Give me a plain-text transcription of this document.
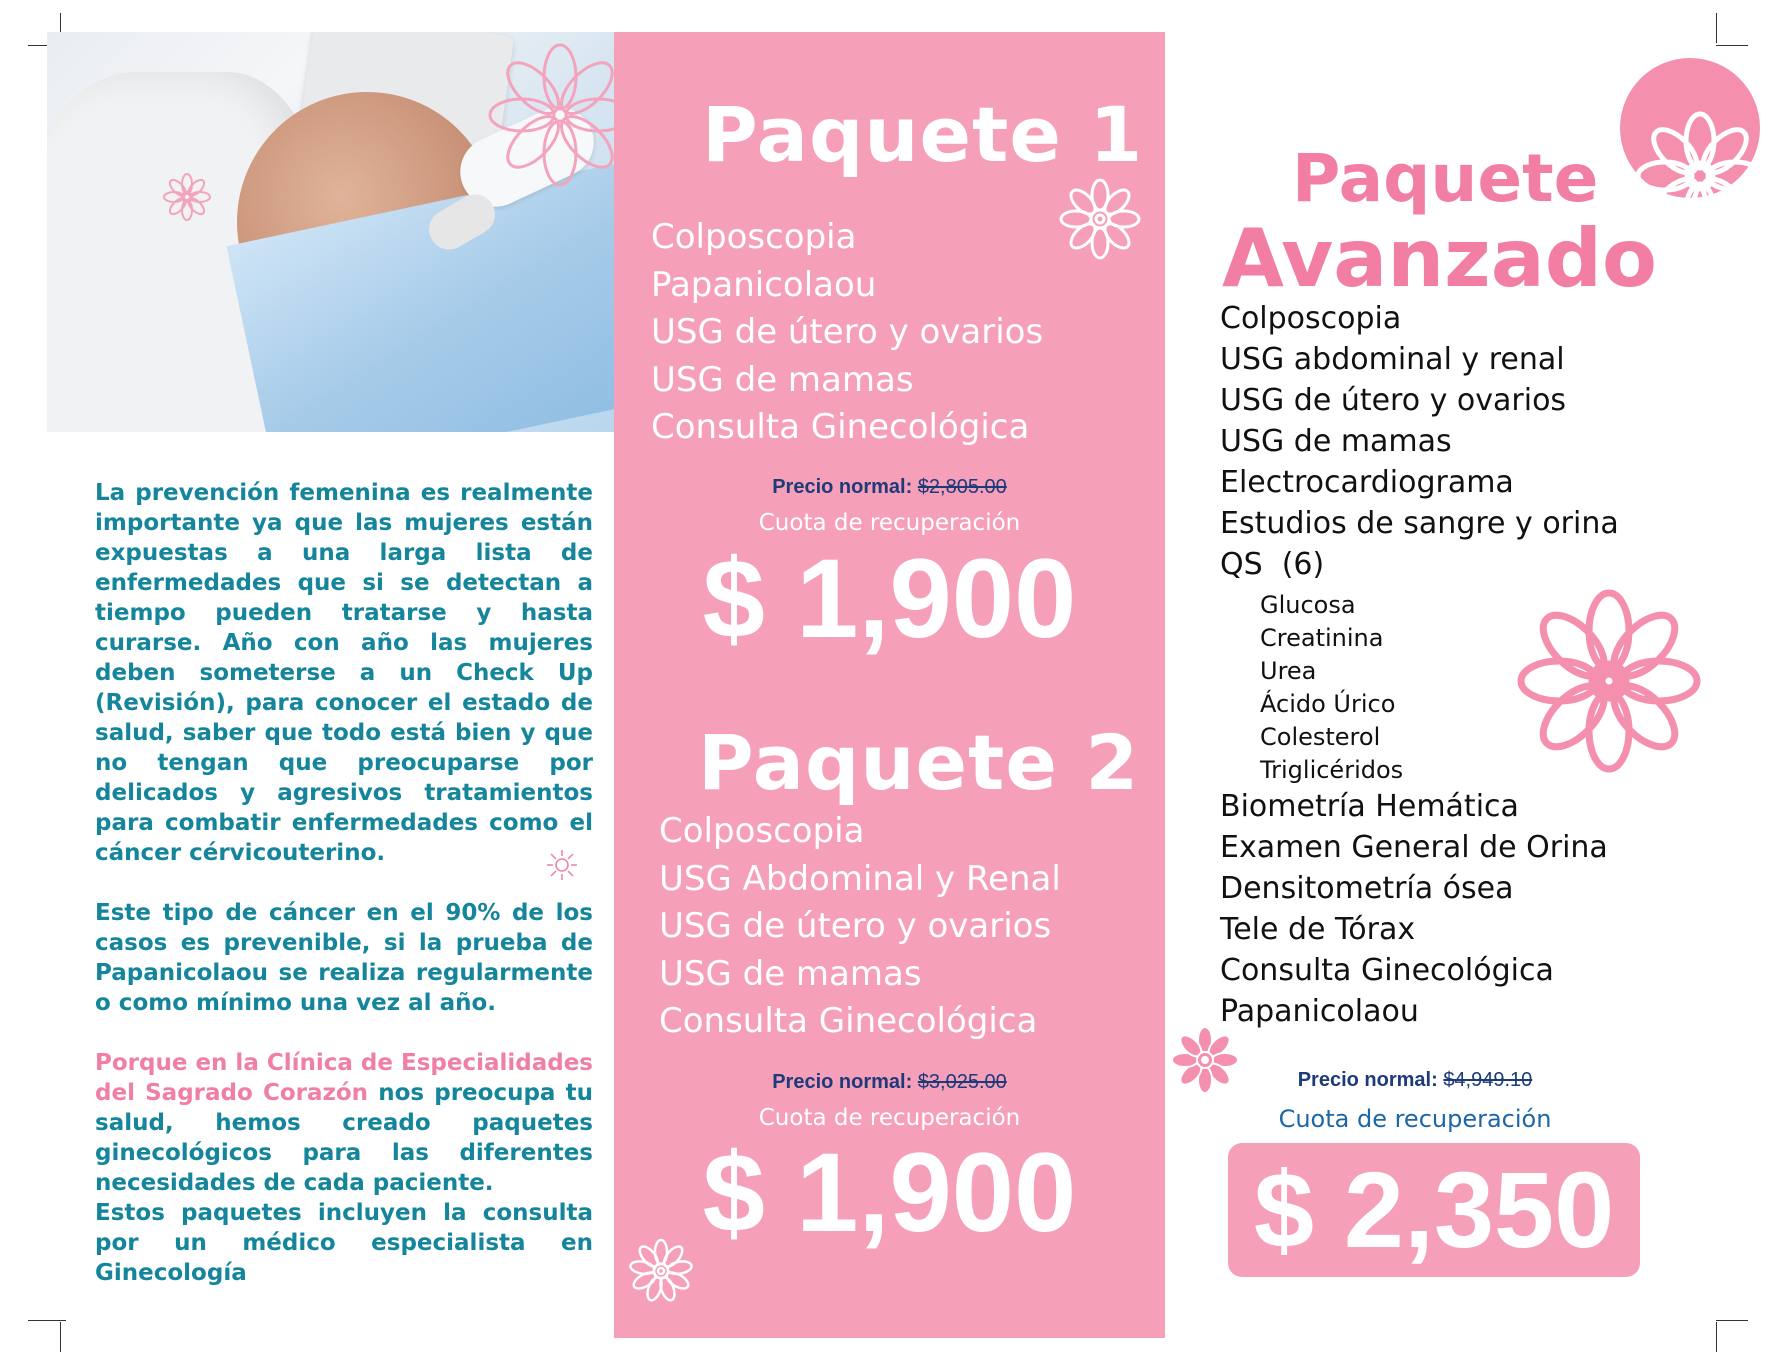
La prevención femenina es realmente importante ya que las mujeres están expuestas a una larga lista de enfermedades que si se detectan a tiempo pueden tratarse y hasta curarse. Año con año las mujeres deben someterse a un Check Up (Revisión), para conocer el estado de salud, saber que todo está bien y que no tengan que preocuparse por delicados y agresivos tratamientos para combatir enfermedades como el cáncer cérvicouterino.

Este tipo de cáncer en el 90% de los casos es prevenible, si la prueba de Papanicolaou se realiza regularmente o como mínimo una vez al año.

Porque en la Clínica de Especialidades del Sagrado Corazón nos preocupa tu salud, hemos creado paquetes ginecológicos para las diferentes necesidades de cada paciente.

Estos paquetes incluyen la consulta por un médico especialista en Ginecología

Paquete 1
Colposcopia
Papanicolaou
USG de útero y ovarios
USG de mamas
Consulta Ginecológica
Precio normal: $2,805.00
Cuota de recuperación
$ 1,900
Paquete 2
Colposcopia
USG Abdominal y Renal
USG de útero y ovarios
USG de mamas
Consulta Ginecológica
Precio normal: $3,025.00
Cuota de recuperación
$ 1,900
Paquete
Avanzado
Colposcopia
USG abdominal y renal
USG de útero y ovarios
USG de mamas
Electrocardiograma
Estudios de sangre y orina
QS  (6)
Glucosa
Creatinina
Urea
Ácido Úrico
Colesterol
Triglicéridos
Biometría Hemática
Examen General de Orina
Densitometría ósea
Tele de Tórax
Consulta Ginecológica
Papanicolaou
Precio normal: $4,949.10
Cuota de recuperación
$ 2,350
